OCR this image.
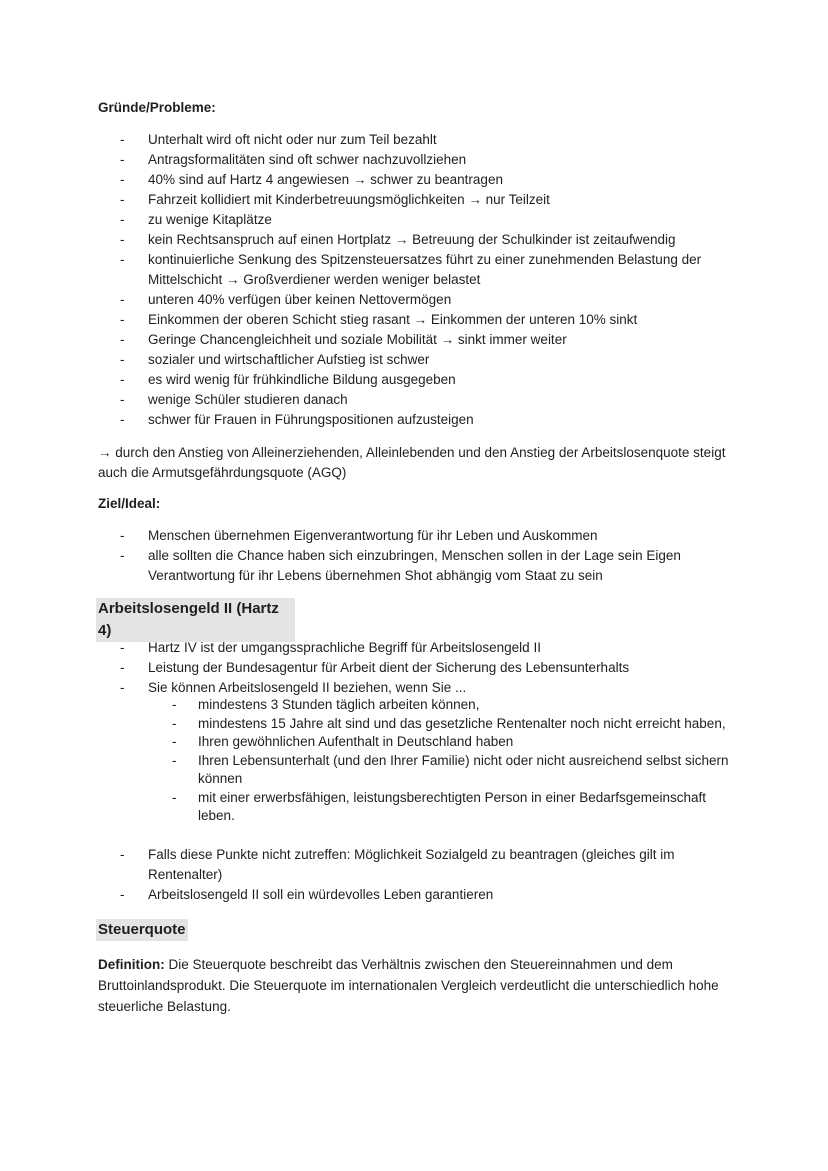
Gründe/Probleme:
- Unterhalt wird oft nicht oder nur zum Teil bezahlt
- Antragsformalitäten sind oft schwer nachzuvollziehen
- 40% sind auf Hartz 4 angewiesen → schwer zu beantragen
- Fahrzeit kollidiert mit Kinderbetreuungsmöglichkeiten → nur Teilzeit
- zu wenige Kitaplätze
- kein Rechtsanspruch auf einen Hortplatz → Betreuung der Schulkinder ist zeitaufwendig
- kontinuierliche Senkung des Spitzensteuersatzes führt zu einer zunehmenden Belastung der Mittelschicht → Großverdiener werden weniger belastet
- unteren 40% verfügen über keinen Nettovermögen
- Einkommen der oberen Schicht stieg rasant → Einkommen der unteren 10% sinkt
- Geringe Chancengleichheit und soziale Mobilität → sinkt immer weiter
- sozialer und wirtschaftlicher Aufstieg ist schwer
- es wird wenig für frühkindliche Bildung ausgegeben
- wenige Schüler studieren danach
- schwer für Frauen in Führungspositionen aufzusteigen
→ durch den Anstieg von Alleinerziehenden, Alleinlebenden und den Anstieg der Arbeitslosenquote steigt auch die Armutsgefährdungsquote (AGQ)
Ziel/Ideal:
- Menschen übernehmen Eigenverantwortung für ihr Leben und Auskommen
- alle sollten die Chance haben sich einzubringen, Menschen sollen in der Lage sein Eigen Verantwortung für ihr Lebens übernehmen Shot abhängig vom Staat zu sein
Arbeitslosengeld II (Hartz 4)
- Hartz IV ist der umgangssprachliche Begriff für Arbeitslosengeld II
- Leistung der Bundesagentur für Arbeit dient der Sicherung des Lebensunterhalts
- Sie können Arbeitslosengeld II beziehen, wenn Sie ...
- mindestens 3 Stunden täglich arbeiten können,
- mindestens 15 Jahre alt sind und das gesetzliche Rentenalter noch nicht erreicht haben,
- Ihren gewöhnlichen Aufenthalt in Deutschland haben
- Ihren Lebensunterhalt (und den Ihrer Familie) nicht oder nicht ausreichend selbst sichern können
- mit einer erwerbsfähigen, leistungsberechtigten Person in einer Bedarfsgemeinschaft leben.
- Falls diese Punkte nicht zutreffen: Möglichkeit Sozialgeld zu beantragen (gleiches gilt im Rentenalter)
- Arbeitslosengeld II soll ein würdevolles Leben garantieren
Steuerquote
Definition: Die Steuerquote beschreibt das Verhältnis zwischen den Steuereinnahmen und dem Bruttoinlandsprodukt. Die Steuerquote im internationalen Vergleich verdeutlicht die unterschiedlich hohe steuerliche Belastung.
